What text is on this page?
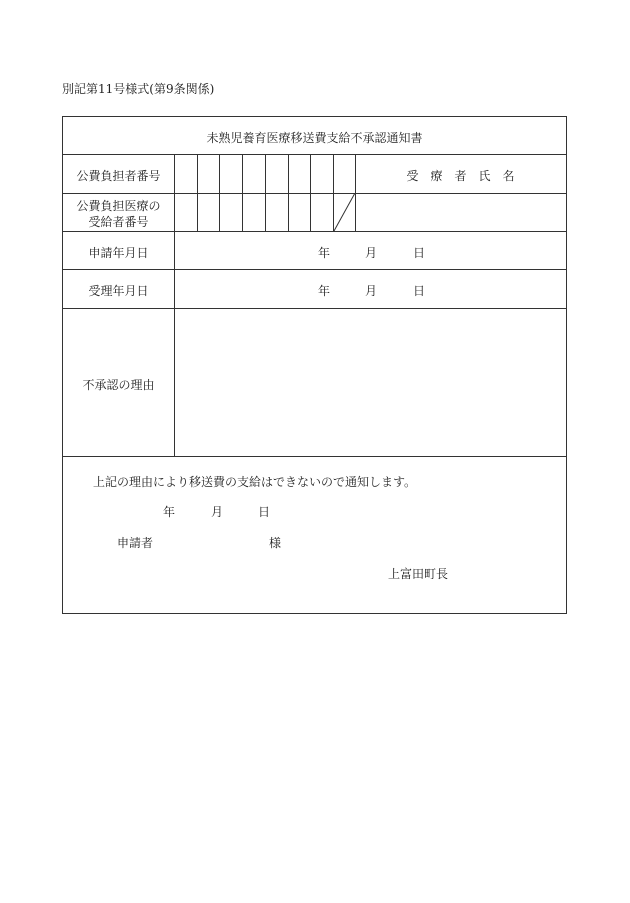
別記第11号様式(第9条関係)
未熟児養育医療移送費支給不承認通知書
公費負担者番号	受　療　者　氏　名
公費負担医療の
受給者番号
申請年月日	年	月	日
受理年月日	年	月	日
不承認の理由
上記の理由により移送費の支給はできないので通知します。
年	月	日
申請者	様
上富田町長
